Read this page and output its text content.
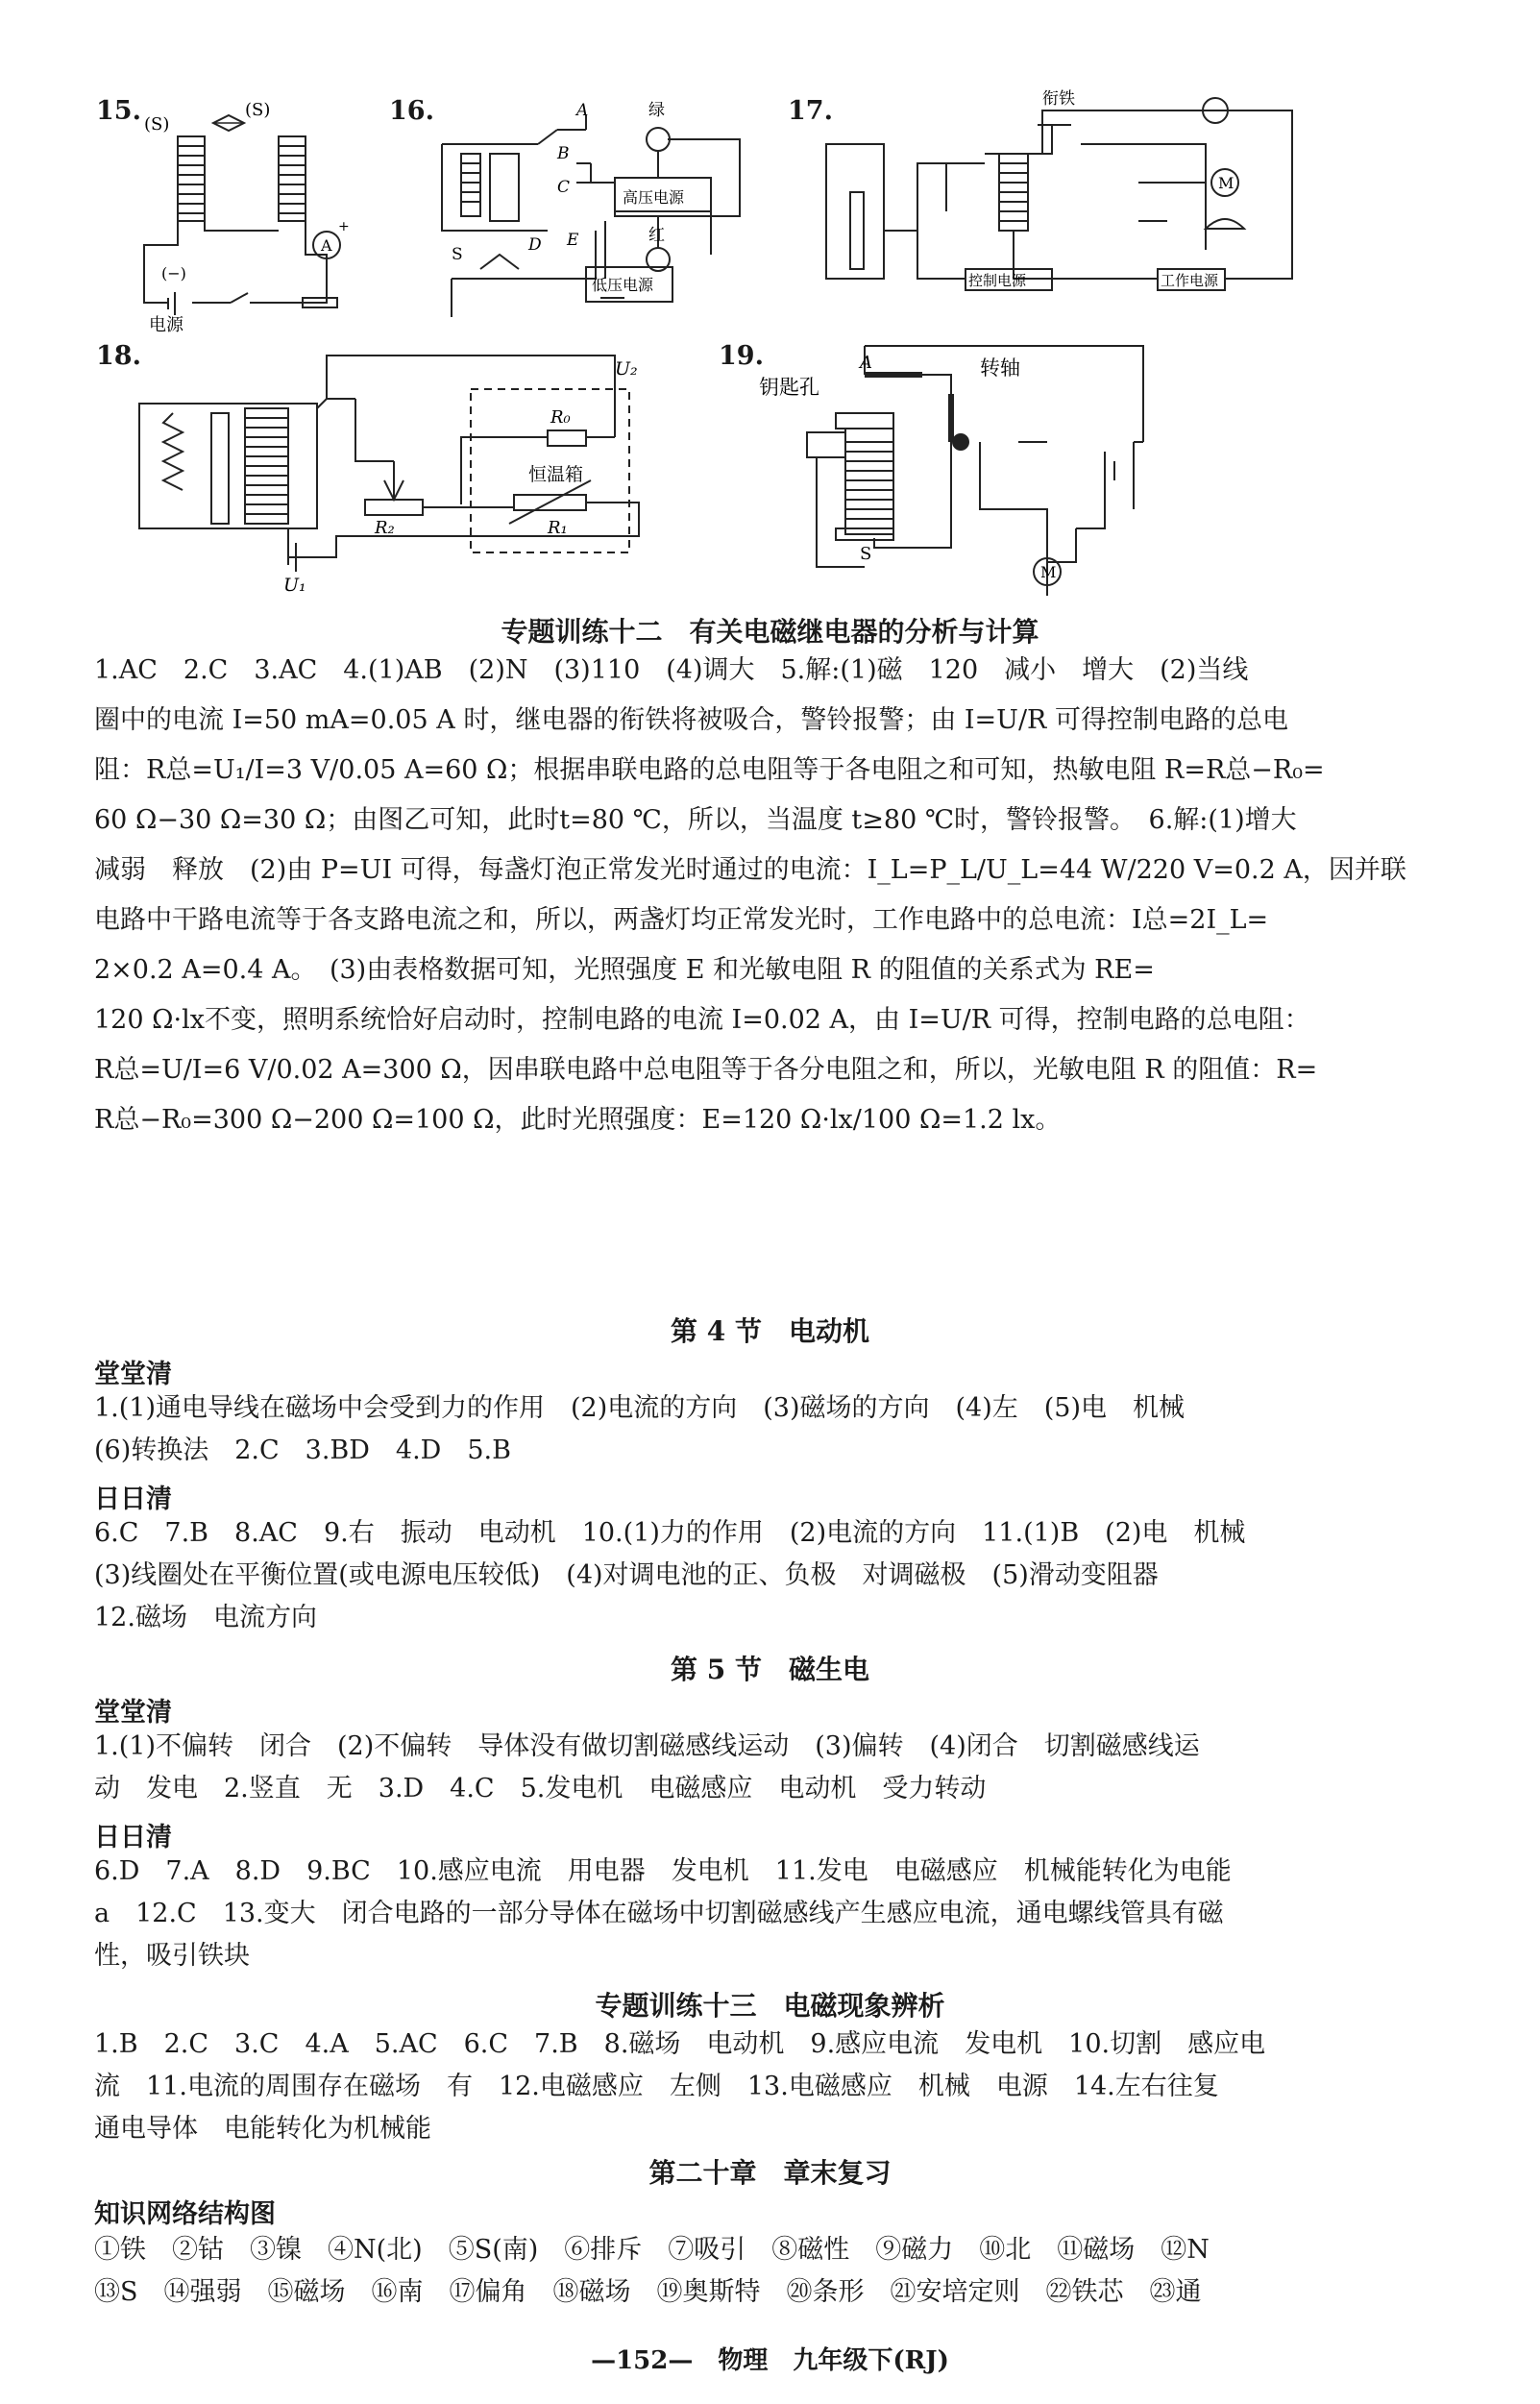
15. (S)
(S)
A
+
(−)
电源
16.	A
B
C
D E
S
绿
红
高压电源
低压电源
17.	衔铁
控制电源	工作电源
M
18.	U₂
R₀
恒温箱
R₂	R₁
U₁
19.
钥匙孔
A	转轴
S
M
专题训练十二　有关电磁继电器的分析与计算
1.AC　2.C　3.AC　4.(1)AB　(2)N　(3)110　(4)调大　5.解:(1)磁　120　减小　增大　(2)当线
圈中的电流 I=50 mA=0.05 A 时，继电器的衔铁将被吸合，警铃报警；由 I=U/R 可得控制电路的总电
阻：R总=U₁/I=3 V/0.05 A=60 Ω；根据串联电路的总电阻等于各电阻之和可知，热敏电阻 R=R总−R₀=
60 Ω−30 Ω=30 Ω；由图乙可知，此时t=80 ℃，所以，当温度 t≥80 ℃时，警铃报警。　6.解:(1)增大
减弱　释放　(2)由 P=UI 可得，每盏灯泡正常发光时通过的电流：I_L=P_L/U_L=44 W/220 V=0.2 A，因并联
电路中干路电流等于各支路电流之和，所以，两盏灯均正常发光时，工作电路中的总电流：I总=2I_L=
2×0.2 A=0.4 A。　(3)由表格数据可知，光照强度 E 和光敏电阻 R 的阻值的关系式为 RE=
120 Ω·lx不变，照明系统恰好启动时，控制电路的电流 I=0.02 A，由 I=U/R 可得，控制电路的总电阻：
R总=U/I=6 V/0.02 A=300 Ω，因串联电路中总电阻等于各分电阻之和，所以，光敏电阻 R 的阻值：R=
R总−R₀=300 Ω−200 Ω=100 Ω，此时光照强度：E=120 Ω·lx/100 Ω=1.2 lx。
第 4 节　电动机
堂堂清
1.(1)通电导线在磁场中会受到力的作用　(2)电流的方向　(3)磁场的方向　(4)左　(5)电　机械
(6)转换法　2.C　3.BD　4.D　5.B
日日清
6.C　7.B　8.AC　9.右　振动　电动机　10.(1)力的作用　(2)电流的方向　11.(1)B　(2)电　机械
(3)线圈处在平衡位置(或电源电压较低)　(4)对调电池的正、负极　对调磁极　(5)滑动变阻器
12.磁场　电流方向
第 5 节　磁生电
堂堂清
1.(1)不偏转　闭合　(2)不偏转　导体没有做切割磁感线运动　(3)偏转　(4)闭合　切割磁感线运
动　发电　2.竖直　无　3.D　4.C　5.发电机　电磁感应　电动机　受力转动
日日清
6.D　7.A　8.D　9.BC　10.感应电流　用电器　发电机　11.发电　电磁感应　机械能转化为电能
a　12.C　13.变大　闭合电路的一部分导体在磁场中切割磁感线产生感应电流，通电螺线管具有磁
性，吸引铁块
专题训练十三　电磁现象辨析
1.B　2.C　3.C　4.A　5.AC　6.C　7.B　8.磁场　电动机　9.感应电流　发电机　10.切割　感应电
流　11.电流的周围存在磁场　有　12.电磁感应　左侧　13.电磁感应　机械　电源　14.左右往复
通电导体　电能转化为机械能
第二十章　章末复习
知识网络结构图
①铁　②钴　③镍　④N(北)　⑤S(南)　⑥排斥　⑦吸引　⑧磁性　⑨磁力　⑩北　⑪磁场　⑫N
⑬S　⑭强弱　⑮磁场　⑯南　⑰偏角　⑱磁场　⑲奥斯特　⑳条形　㉑安培定则　㉒铁芯　㉓通
—152—　物理　九年级下(RJ)
